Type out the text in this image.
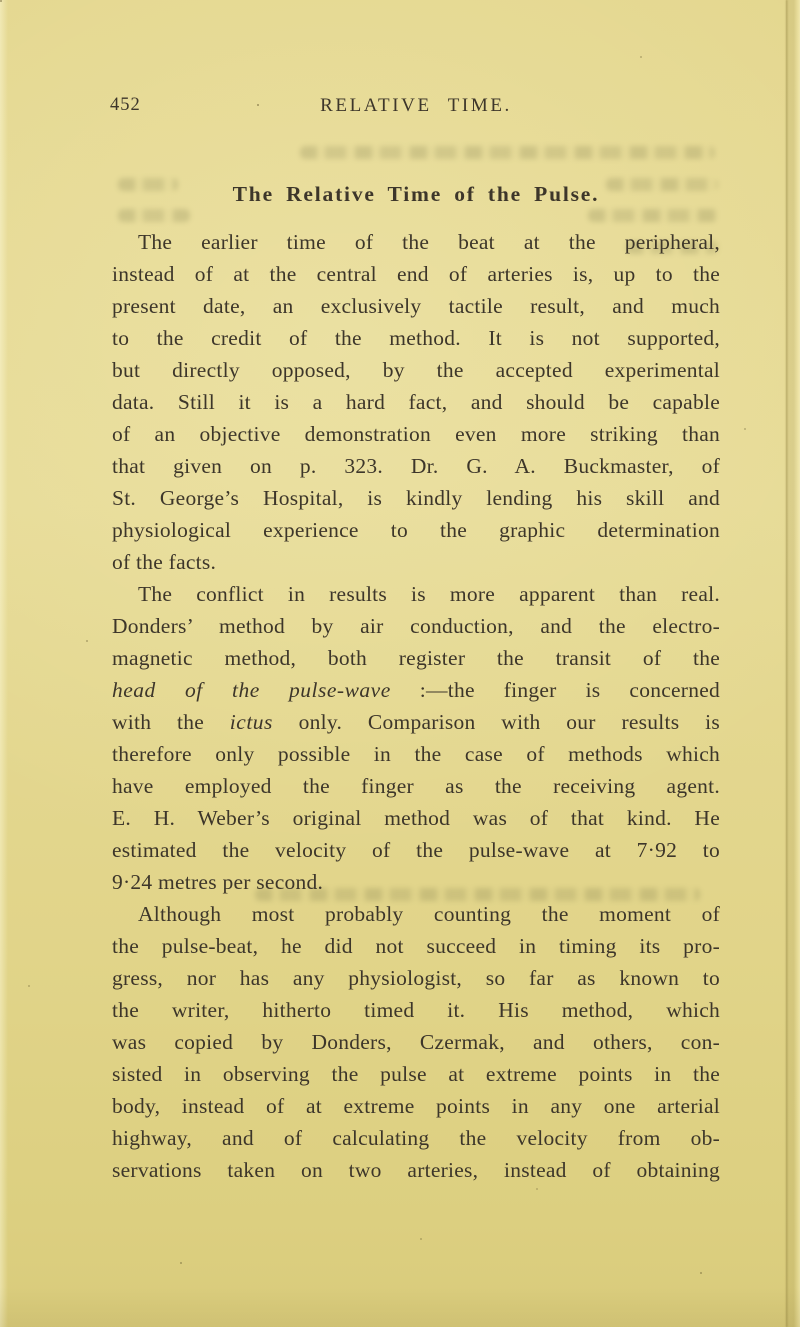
452	RELATIVE TIME.
The Relative Time of the Pulse.
The earlier time of the beat at the peripheral,
instead of at the central end of arteries is, up to the
present date, an exclusively tactile result, and much
to the credit of the method. It is not supported,
but directly opposed, by the accepted experimental
data. Still it is a hard fact, and should be capable
of an objective demonstration even more striking than
that given on p. 323. Dr. G. A. Buckmaster, of
St. George’s Hospital, is kindly lending his skill and
physiological experience to the graphic determination
of the facts.
The conflict in results is more apparent than real.
Donders’ method by air conduction, and the electro-
magnetic method, both register the transit of the
head of the pulse-wave :—the finger is concerned
with the ictus only. Comparison with our results is
therefore only possible in the case of methods which
have employed the finger as the receiving agent.
E. H. Weber’s original method was of that kind. He
estimated the velocity of the pulse-wave at 7·92 to
9·24 metres per second.
Although most probably counting the moment of
the pulse-beat, he did not succeed in timing its pro-
gress, nor has any physiologist, so far as known to
the writer, hitherto timed it. His method, which
was copied by Donders, Czermak, and others, con-
sisted in observing the pulse at extreme points in the
body, instead of at extreme points in any one arterial
highway, and of calculating the velocity from ob-
servations taken on two arteries, instead of obtaining
